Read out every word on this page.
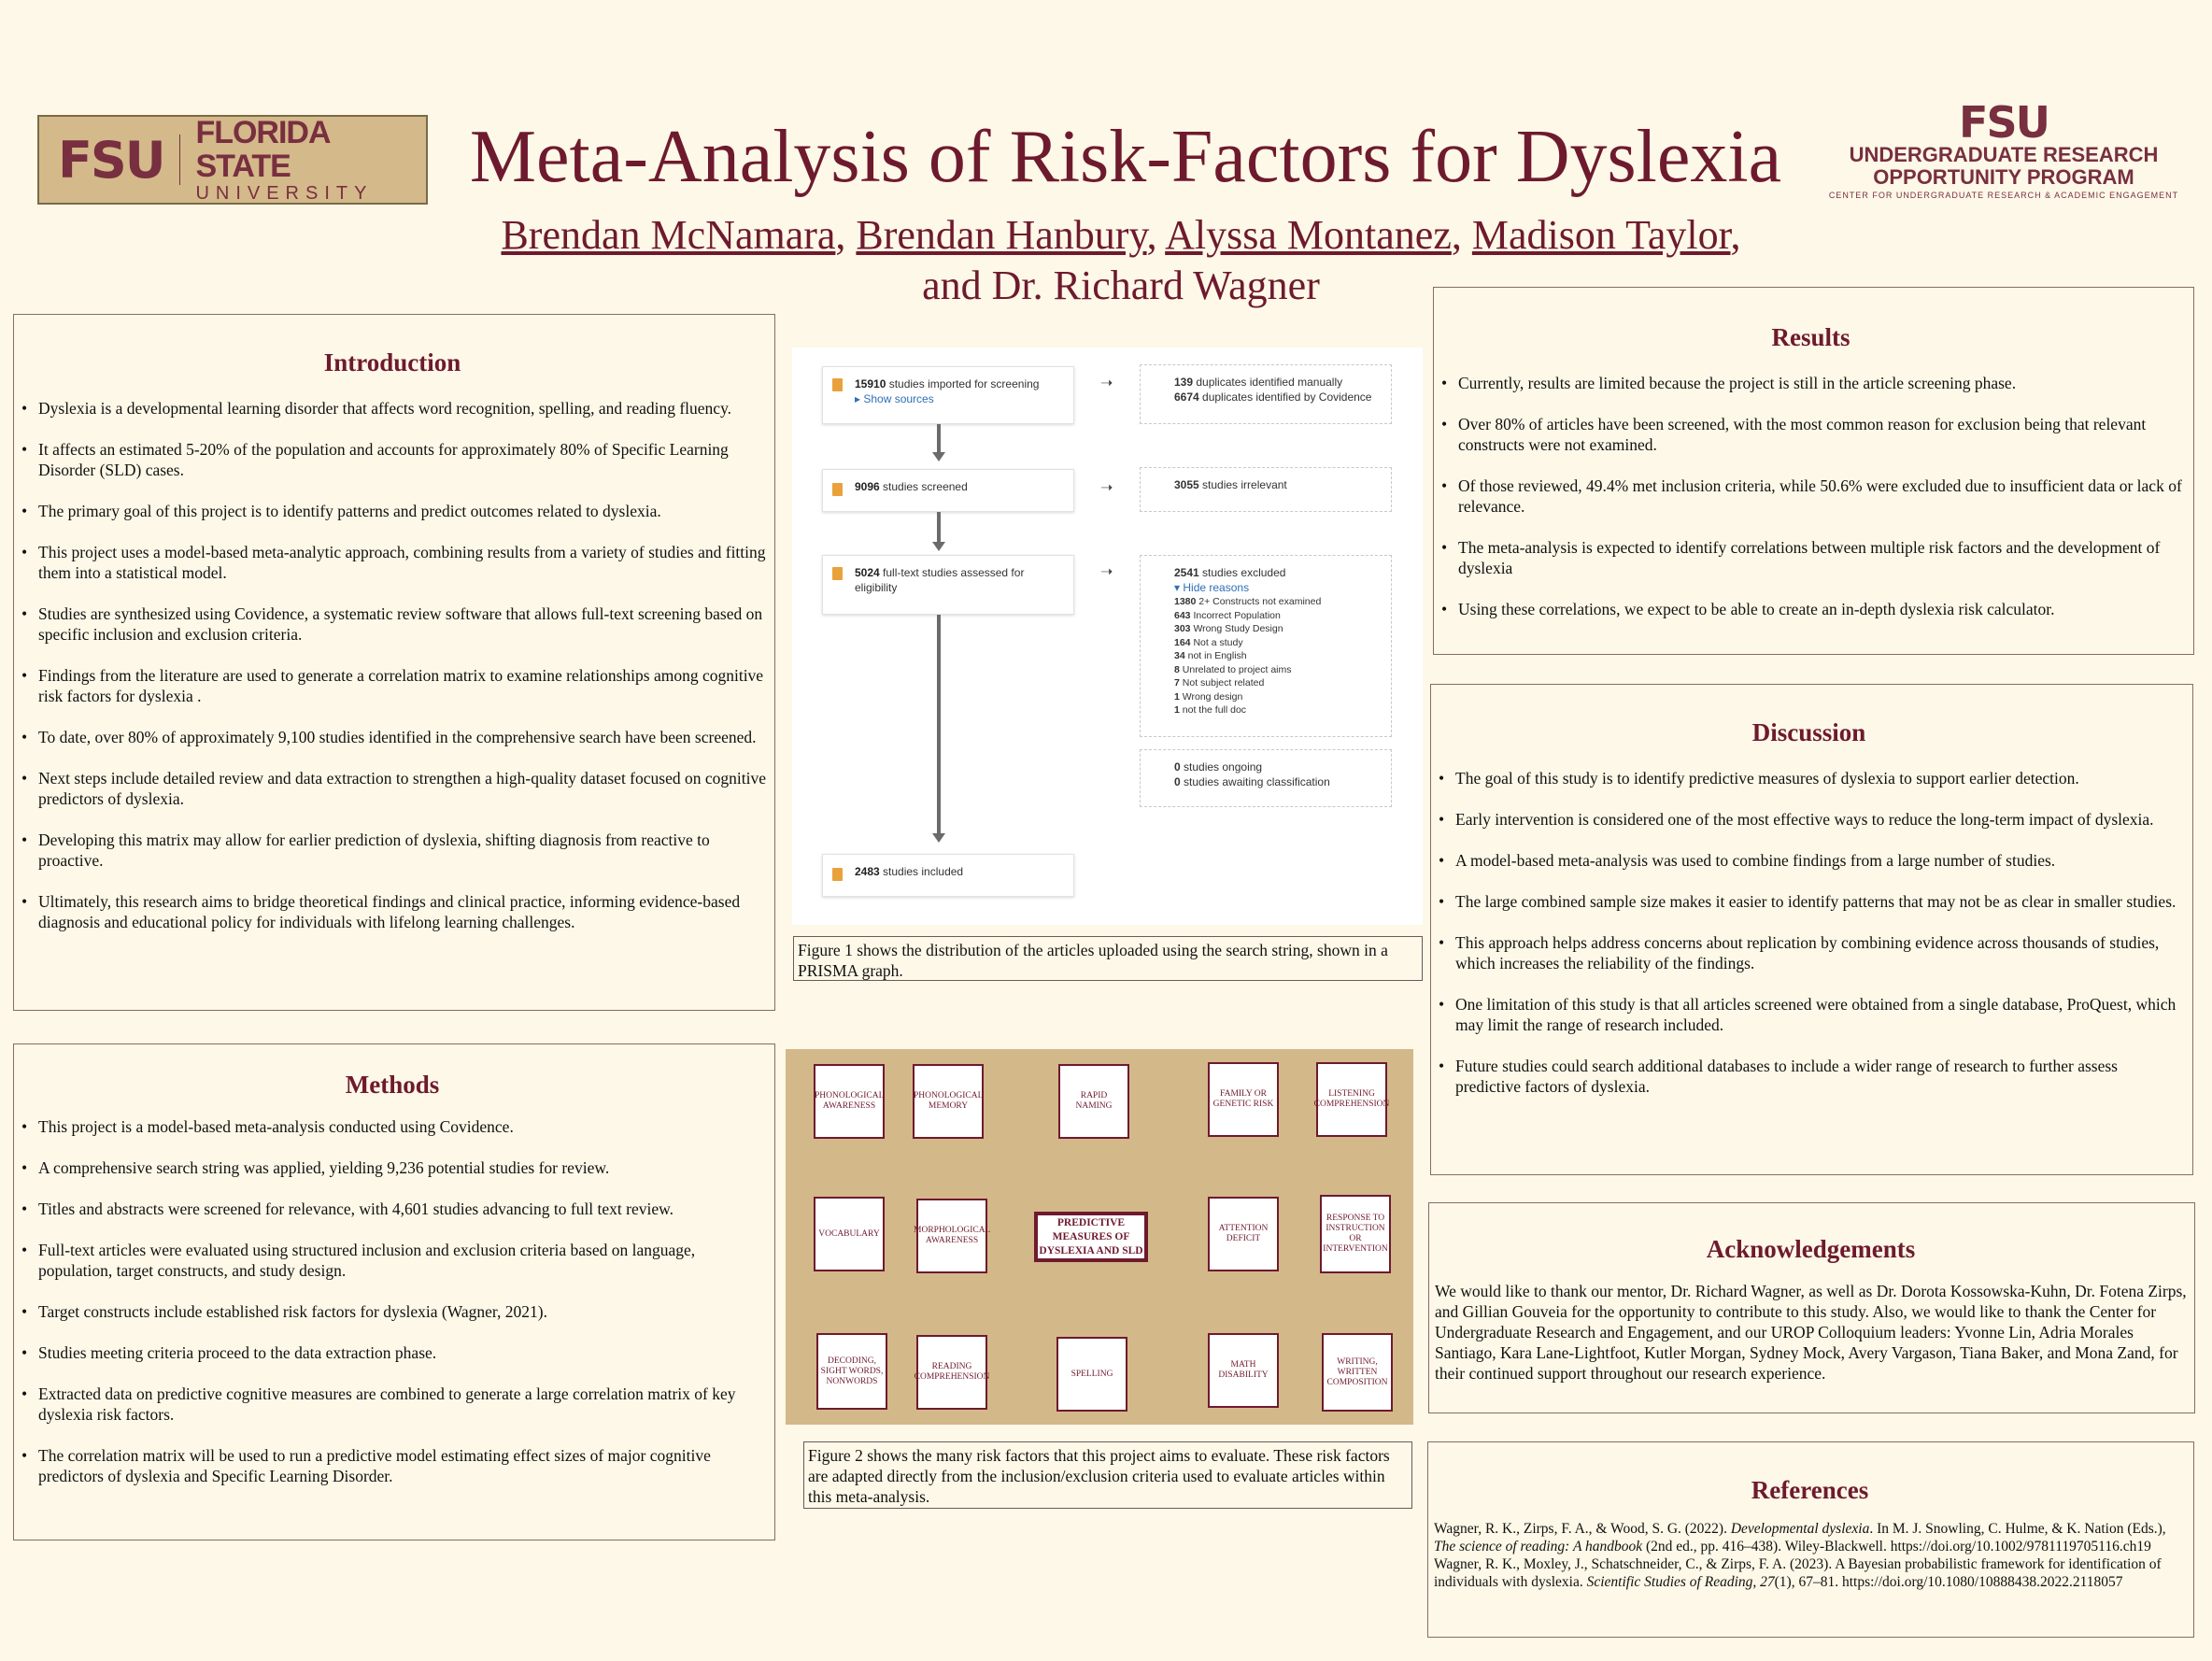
FSU FLORIDA STATE
UNIVERSITY	Meta-Analysis of Risk-Factors for Dyslexia
Brendan McNamara, Brendan Hanbury, Alyssa Montanez, Madison Taylor,
and Dr. Richard Wagner
FSU
UNDERGRADUATE RESEARCH
OPPORTUNITY PROGRAM
CENTER FOR UNDERGRADUATE RESEARCH & ACADEMIC ENGAGEMENT
Introduction
• Dyslexia is a developmental learning disorder that affects word recognition, spelling, and reading fluency.
• It affects an estimated 5-20% of the population and accounts for approximately 80% of Specific Learning Disorder (SLD) cases.
• The primary goal of this project is to identify patterns and predict outcomes related to dyslexia.
• This project uses a model-based meta-analytic approach, combining results from a variety of studies and fitting them into a statistical model.
• Studies are synthesized using Covidence, a systematic review software that allows full-text screening based on specific inclusion and exclusion criteria.
• Findings from the literature are used to generate a correlation matrix to examine relationships among cognitive risk factors for dyslexia .
• To date, over 80% of approximately 9,100 studies identified in the comprehensive search have been screened.
• Next steps include detailed review and data extraction to strengthen a high-quality dataset focused on cognitive predictors of dyslexia.
• Developing this matrix may allow for earlier prediction of dyslexia, shifting diagnosis from reactive to proactive.
• Ultimately, this research aims to bridge theoretical findings and clinical practice, informing evidence-based diagnosis and educational policy for individuals with lifelong learning challenges.
Methods
• This project is a model-based meta-analysis conducted using Covidence.
• A comprehensive search string was applied, yielding 9,236 potential studies for review.
• Titles and abstracts were screened for relevance, with 4,601 studies advancing to full text review.
• Full-text articles were evaluated using structured inclusion and exclusion criteria based on language, population, target constructs, and study design.
• Target constructs include established risk factors for dyslexia (Wagner, 2021).
• Studies meeting criteria proceed to the data extraction phase.
• Extracted data on predictive cognitive measures are combined to generate a large correlation matrix of key dyslexia risk factors.
• The correlation matrix will be used to run a predictive model estimating effect sizes of major cognitive predictors of dyslexia and Specific Learning Disorder.
15910 studies imported for screening
▸ Show sources
➝	139 duplicates identified manually
6674 duplicates identified by Covidence
9096 studies screened	➝	3055 studies irrelevant
5024 full-text studies assessed for eligibility
➝	2541 studies excluded
▾ Hide reasons
1380 2+ Constructs not examined
643 Incorrect Population
303 Wrong Study Design
164 Not a study
34 not in English
8 Unrelated to project aims
7 Not subject related
1 Wrong design
1 not the full doc
0 studies ongoing
0 studies awaiting classification
2483 studies included
Figure 1 shows the distribution of the articles uploaded using the search string, shown in a PRISMA graph.
PHONOLOGICAL AWARENESS
PHONOLOGICAL MEMORY
RAPID NAMING
FAMILY OR GENETIC RISK
LISTENING COMPREHENSION
VOCABULARY	MORPHOLOGICAL AWARENESS
PREDICTIVE MEASURES OF DYSLEXIA AND SLD
ATTENTION DEFICIT
RESPONSE TO INSTRUCTION OR INTERVENTION
DECODING, SIGHT WORDS, NONWORDS
READING COMPREHENSION	SPELLING
MATH DISABILITY
WRITING, WRITTEN COMPOSITION
Figure 2 shows the many risk factors that this project aims to evaluate. These risk factors are adapted directly from the inclusion/exclusion criteria used to evaluate articles within this meta-analysis.
Results
• Currently, results are limited because the project is still in the article screening phase.
• Over 80% of articles have been screened, with the most common reason for exclusion being that relevant constructs were not examined.
• Of those reviewed, 49.4% met inclusion criteria, while 50.6% were excluded due to insufficient data or lack of relevance.
• The meta-analysis is expected to identify correlations between multiple risk factors and the development of dyslexia
• Using these correlations, we expect to be able to create an in-depth dyslexia risk calculator.
Discussion
• The goal of this study is to identify predictive measures of dyslexia to support earlier detection.
• Early intervention is considered one of the most effective ways to reduce the long-term impact of dyslexia.
• A model-based meta-analysis was used to combine findings from a large number of studies.
• The large combined sample size makes it easier to identify patterns that may not be as clear in smaller studies.
• This approach helps address concerns about replication by combining evidence across thousands of studies, which increases the reliability of the findings.
• One limitation of this study is that all articles screened were obtained from a single database, ProQuest, which may limit the range of research included.
• Future studies could search additional databases to include a wider range of research to further assess predictive factors of dyslexia.
Acknowledgements

We would like to thank our mentor, Dr. Richard Wagner, as well as Dr. Dorota Kossowska-Kuhn, Dr. Fotena Zirps, and Gillian Gouveia for the opportunity to contribute to this study. Also, we would like to thank the Center for Undergraduate Research and Engagement, and our UROP Colloquium leaders: Yvonne Lin, Adria Morales Santiago, Kara Lane-Lightfoot, Kutler Morgan, Sydney Mock, Avery Vargason, Tiana Baker, and Mona Zand, for their continued support throughout our research experience.

References

Wagner, R. K., Zirps, F. A., & Wood, S. G. (2022). Developmental dyslexia. In M. J. Snowling, C. Hulme, & K. Nation (Eds.), The science of reading: A handbook (2nd ed., pp. 416–438). Wiley-Blackwell. https://doi.org/10.1002/9781119705116.ch19

Wagner, R. K., Moxley, J., Schatschneider, C., & Zirps, F. A. (2023). A Bayesian probabilistic framework for identification of individuals with dyslexia. Scientific Studies of Reading, 27(1), 67–81. https://doi.org/10.1080/10888438.2022.2118057
